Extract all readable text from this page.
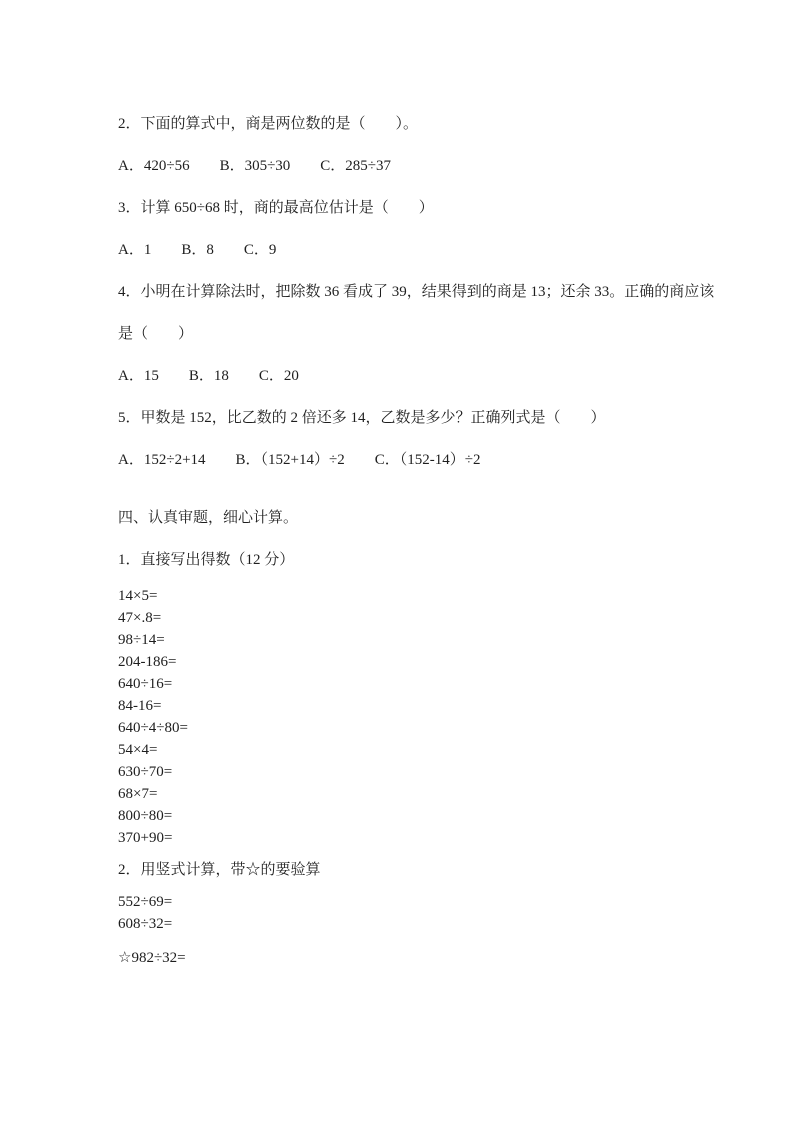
2．下面的算式中，商是两位数的是（　　）。

A．420÷56　　B．305÷30　　C．285÷37

3．计算 650÷68 时，商的最高位估计是（　　）

A．1　　B．8　　C．9

4．小明在计算除法时，把除数 36 看成了 39，结果得到的商是 13；还余 33。正确的商应该

是（　　）

A．15　　B．18　　C．20

5．甲数是 152，比乙数的 2 倍还多 14，乙数是多少？正确列式是（　　）

A．152÷2+14　　B．（152+14）÷2　　C．（152-14）÷2

四、认真审题，细心计算。

1．直接写出得数（12 分）

14×5=

47×.8=

98÷14=

204-186=

640÷16=

84-16=

640÷4÷80=

54×4=

630÷70=

68×7=

800÷80=

370+90=

2．用竖式计算，带☆的要验算

552÷69=

608÷32=

☆982÷32=
